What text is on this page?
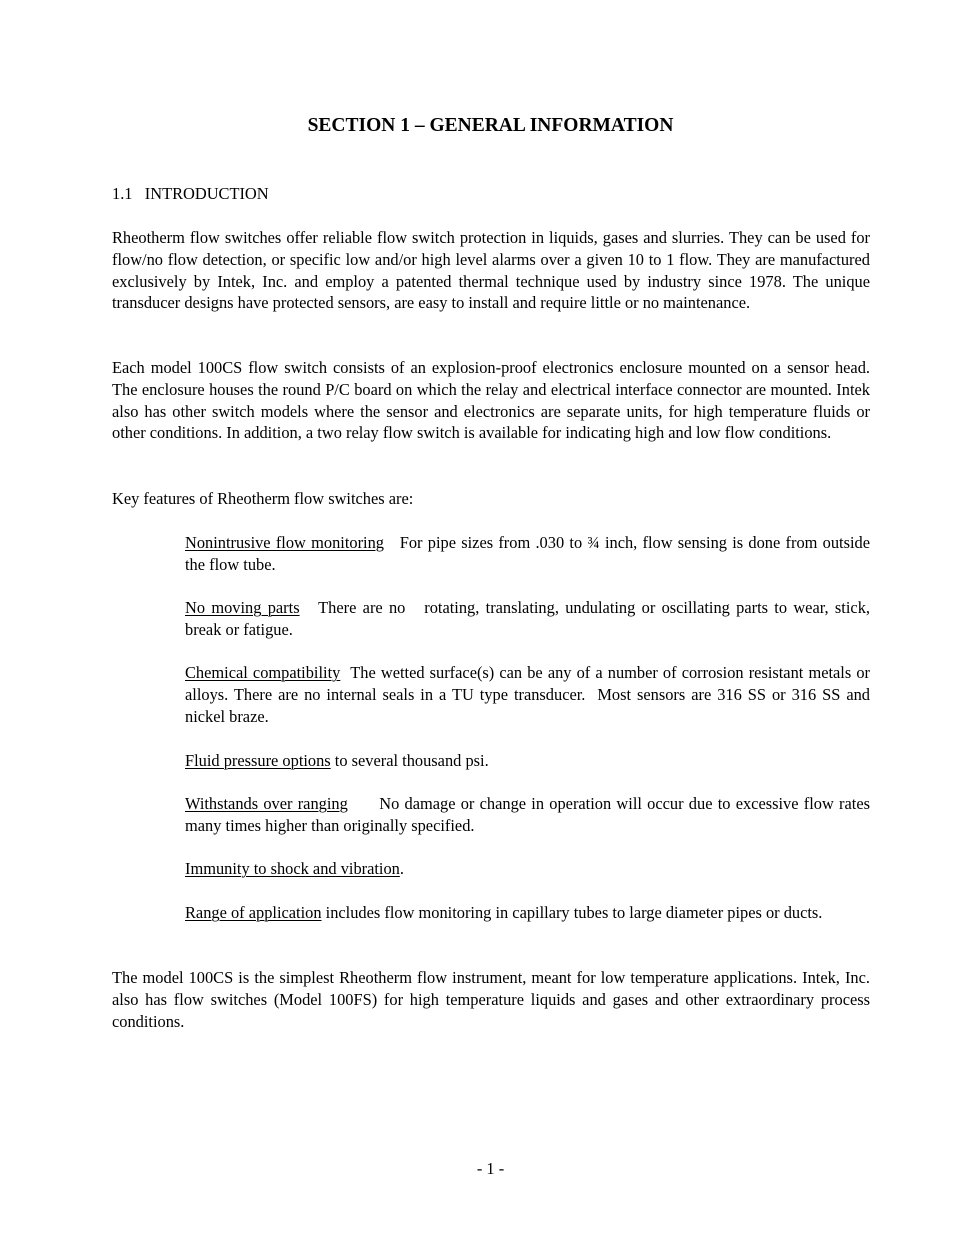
SECTION 1 – GENERAL INFORMATION
1.1   INTRODUCTION
Rheotherm flow switches offer reliable flow switch protection in liquids, gases and slurries. They can be used for flow/no flow detection, or specific low and/or high level alarms over a given 10 to 1 flow. They are manufactured exclusively by Intek, Inc. and employ a patented thermal technique used by industry since 1978. The unique transducer designs have protected sensors, are easy to install and require little or no maintenance.
Each model 100CS flow switch consists of an explosion-proof electronics enclosure mounted on a sensor head. The enclosure houses the round P/C board on which the relay and electrical interface connector are mounted. Intek also has other switch models where the sensor and electronics are separate units, for high temperature fluids or other conditions. In addition, a two relay flow switch is available for indicating high and low flow conditions.
Key features of Rheotherm flow switches are:
Nonintrusive flow monitoring   For pipe sizes from .030 to ¾ inch, flow sensing is done from outside the flow tube.
No moving parts   There are no   rotating, translating, undulating or oscillating parts to wear, stick, break or fatigue.
Chemical compatibility  The wetted surface(s) can be any of a number of corrosion resistant metals or alloys. There are no internal seals in a TU type transducer.  Most sensors are 316 SS or 316 SS and nickel braze.
Fluid pressure options to several thousand psi.
Withstands over ranging      No damage or change in operation will occur due to excessive flow rates many times higher than originally specified.
Immunity to shock and vibration.
Range of application includes flow monitoring in capillary tubes to large diameter pipes or ducts.
The model 100CS is the simplest Rheotherm flow instrument, meant for low temperature applications. Intek, Inc. also has flow switches (Model 100FS) for high temperature liquids and gases and other extraordinary process conditions.
- 1 -
